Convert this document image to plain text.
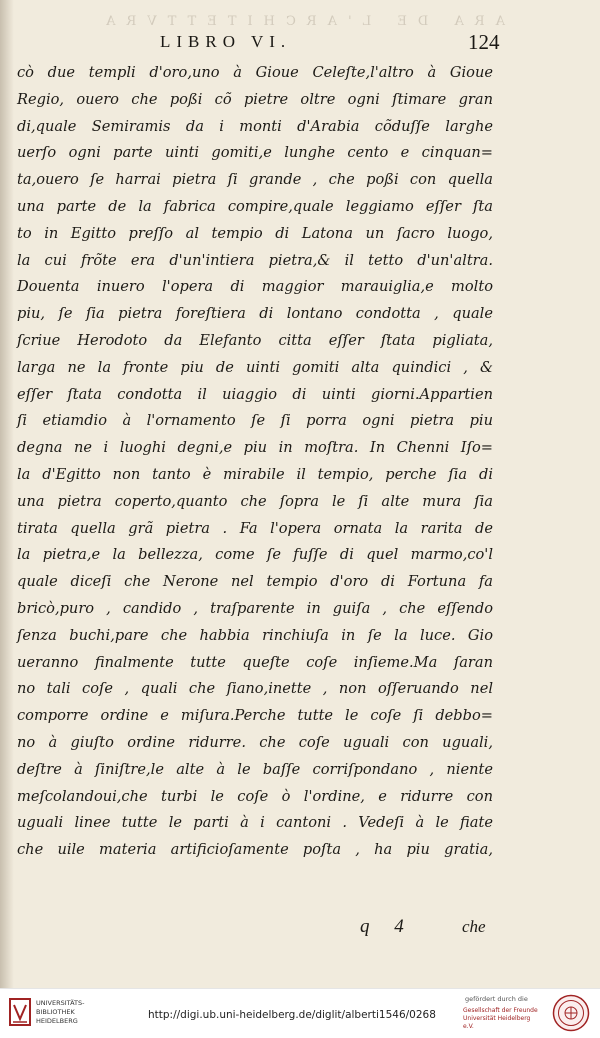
ARA DE L'ARCHITETTVRA
LIBRO VI.	124
cò due templi d'oro,uno à Gioue Celeſte,l'altro à Gioue
Regio, ouero che poßi cõ pietre oltre ogni ſtimare gran
di,quale Semiramis da i monti d'Arabia cõduſſe larghe
uerſo ogni parte uinti gomiti,e lunghe cento e cinquan=
ta,ouero ſe harrai pietra ſi grande , che poßi con quella
una parte de la fabrica compire,quale leggiamo eſſer ſta
to in Egitto preſſo al tempio di Latona un ſacro luogo,
la cui frõte era d'un'intiera pietra,& il tetto d'un'altra.
Douenta inuero l'opera di maggior marauiglia,e molto
piu, ſe ſia pietra foreſtiera di lontano condotta , quale
ſcriue Herodoto da Elefanto citta eſſer ſtata pigliata,
larga ne la fronte piu de uinti gomiti alta quindici , &
eſſer ſtata condotta il uiaggio di uinti giorni.Appartien
ſi etiamdio à l'ornamento ſe ſi porra ogni pietra piu
degna ne i luoghi degni,e piu in moſtra. In Chenni Iſo=
la d'Egitto non tanto è mirabile il tempio, perche ſia di
una pietra coperto,quanto che ſopra le ſi alte mura ſia
tirata quella grã pietra . Fa l'opera ornata la rarita de
la pietra,e la bellezza, come ſe fuſſe di quel marmo,co'l
quale diceſi che Nerone nel tempio d'oro di Fortuna fa
bricò,puro , candido , traſparente in guiſa , che eſſendo
ſenza buchi,pare che habbia rinchiuſa in ſe la luce. Gio
ueranno finalmente tutte queſte coſe inſieme.Ma ſaran
no tali coſe , quali che ſiano,inette , non oſſeruando nel
comporre ordine e miſura.Perche tutte le coſe ſi debbo=
no à giuſto ordine ridurre. che coſe uguali con uguali,
deſtre à ſiniſtre,le alte à le baſſe corriſpondano , niente
meſcolandoui,che turbi le coſe ò l'ordine, e ridurre con
uguali linee tutte le parti à i cantoni . Vedeſi à le fiate
che uile materia artificioſamente poſta , ha piu gratia,
q 4	che
UNIVERSITÄTS-BIBLIOTHEK HEIDELBERG	http://digi.ub.uni-heidelberg.de/diglit/alberti1546/0268
gefördert durch die
Gesellschaft der Freunde Universität Heidelberg e.V.
